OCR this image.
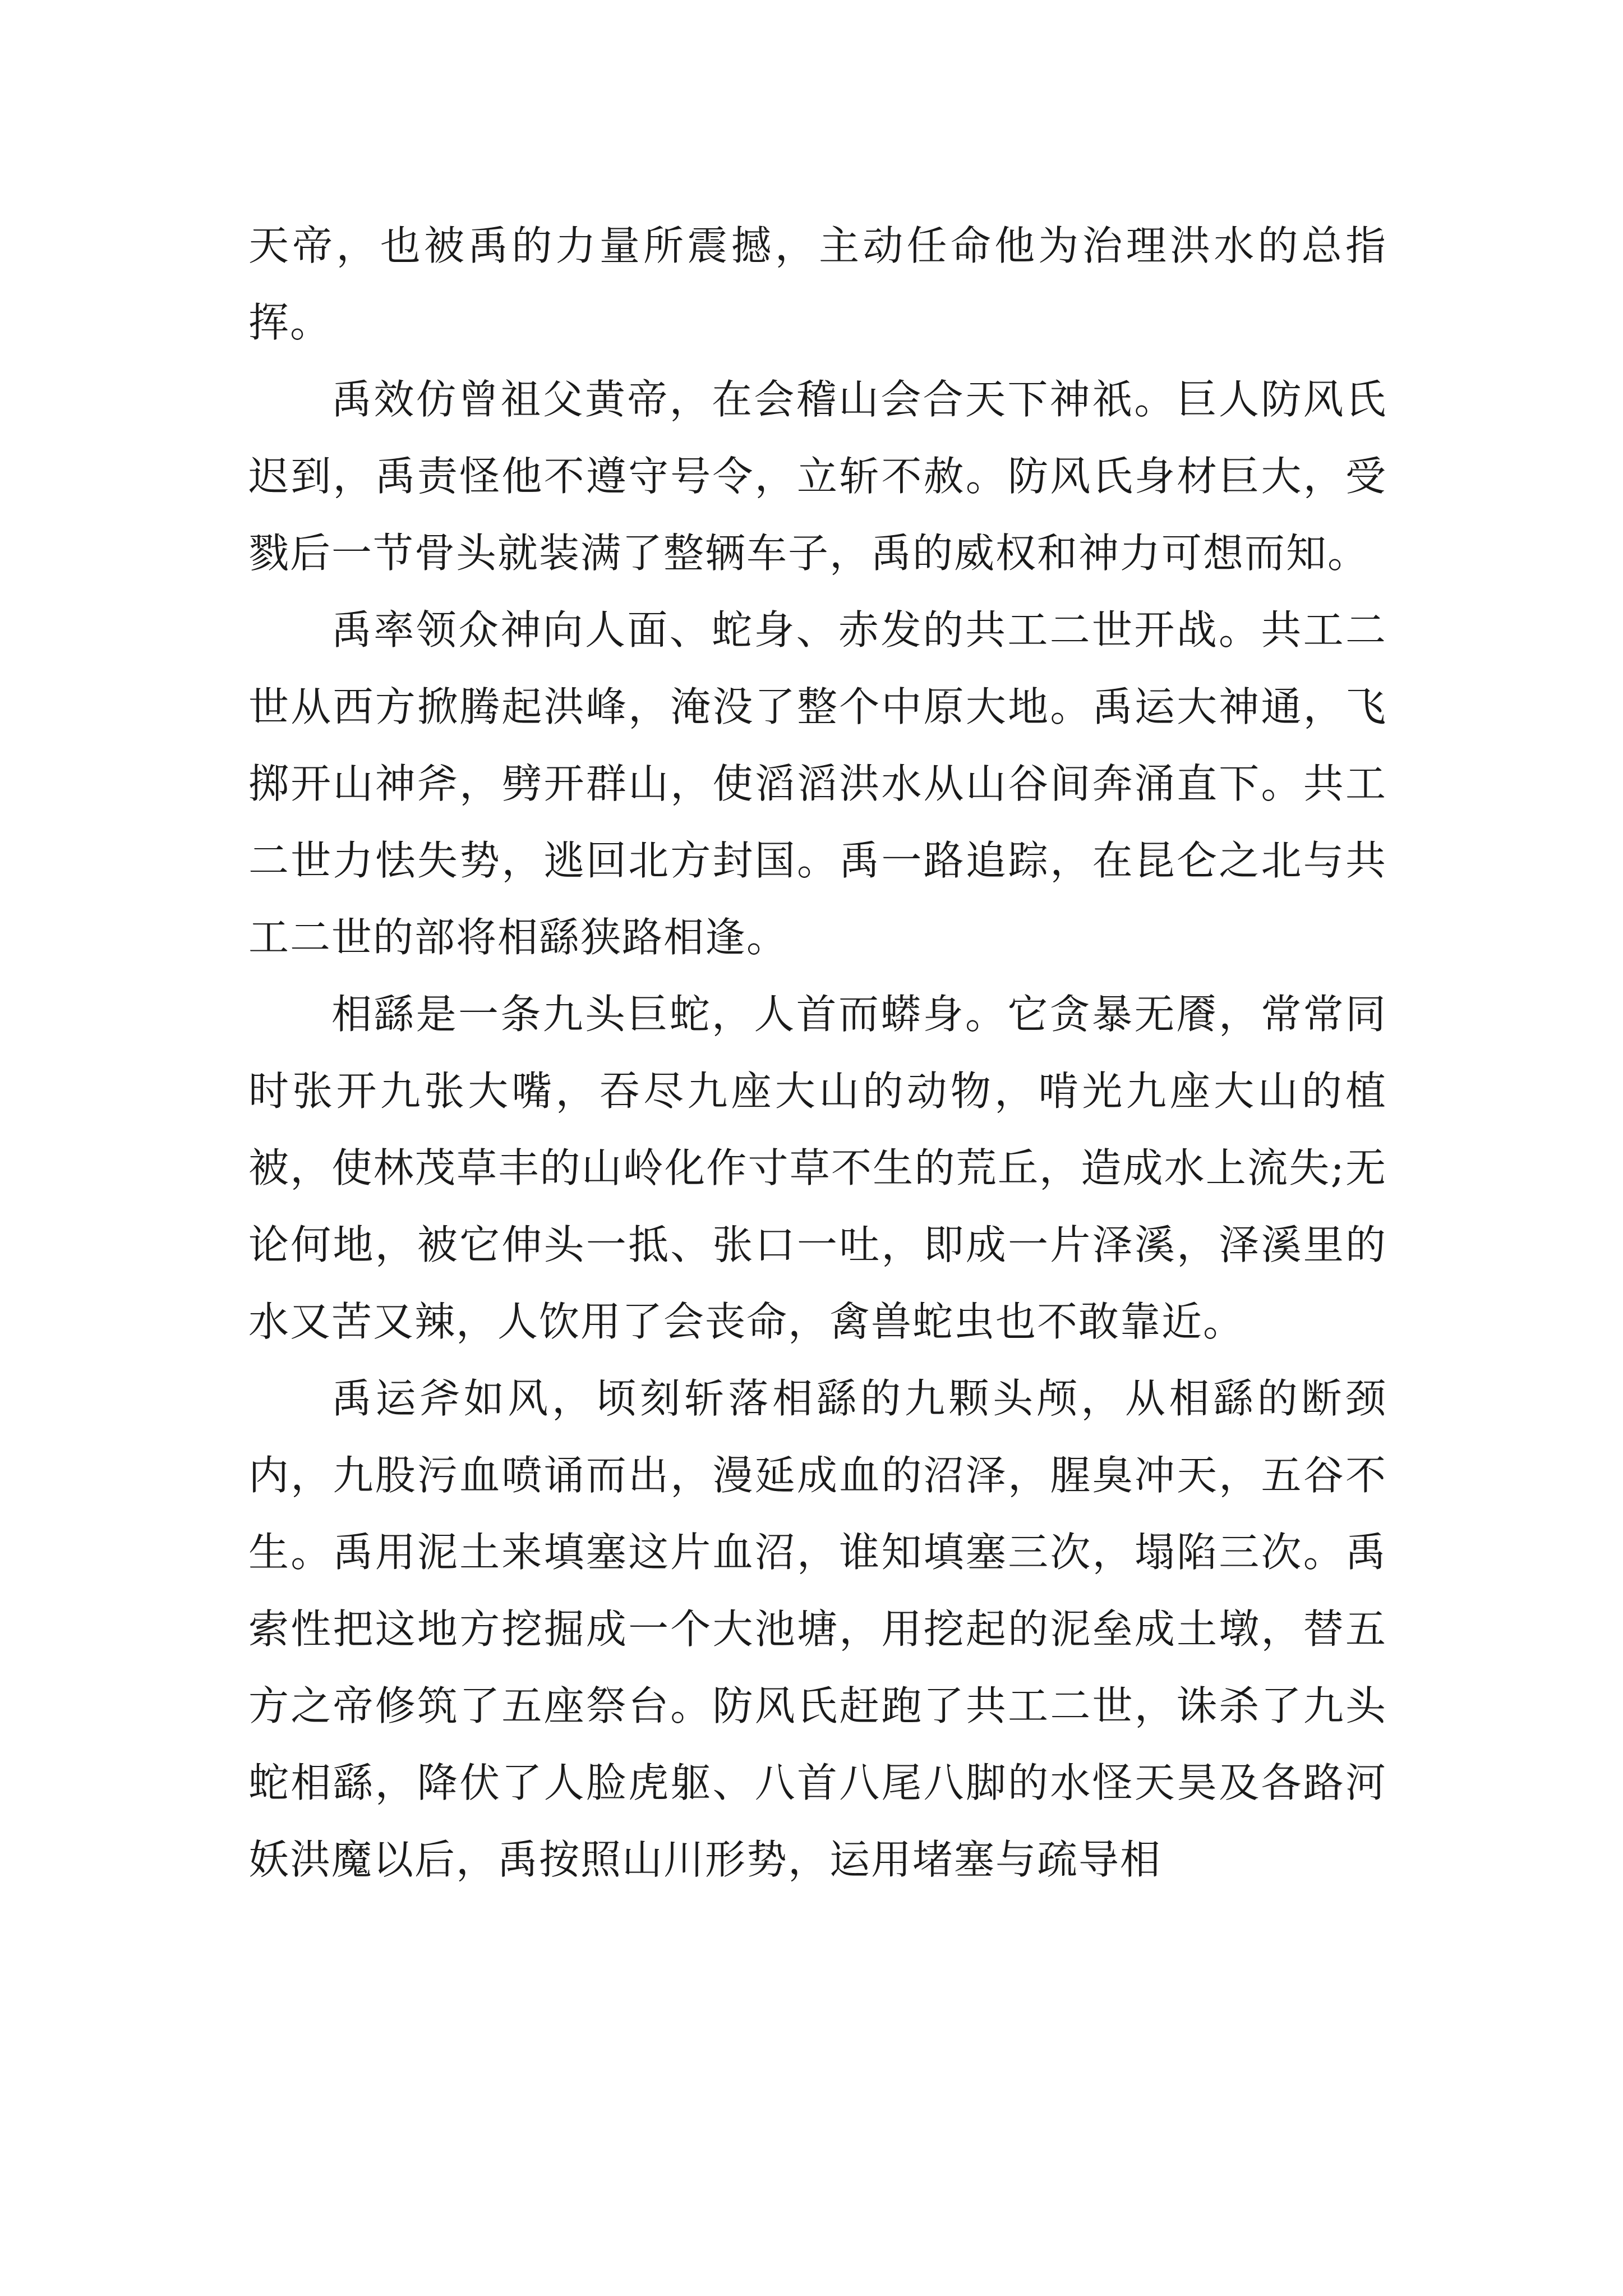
天帝，也被禹的力量所震撼，主动任命他为治理洪水的总指挥。

禹效仿曾祖父黄帝，在会稽山会合天下神祇。巨人防风氏迟到，禹责怪他不遵守号令，立斩不赦。防风氏身材巨大，受戮后一节骨头就装满了整辆车子，禹的威权和神力可想而知。

禹率领众神向人面、蛇身、赤发的共工二世开战。共工二世从西方掀腾起洪峰，淹没了整个中原大地。禹运大神通，飞掷开山神斧，劈开群山，使滔滔洪水从山谷间奔涌直下。共工二世力怯失势，逃回北方封国。禹一路追踪，在昆仑之北与共工二世的部将相繇狭路相逢。

相繇是一条九头巨蛇，人首而蟒身。它贪暴无餍，常常同时张开九张大嘴，吞尽九座大山的动物，啃光九座大山的植被，使林茂草丰的山岭化作寸草不生的荒丘，造成水上流失;无论何地，被它伸头一抵、张口一吐，即成一片泽溪，泽溪里的水又苦又辣，人饮用了会丧命，禽兽蛇虫也不敢靠近。

禹运斧如风，顷刻斩落相繇的九颗头颅，从相繇的断颈内，九股污血喷诵而出，漫延成血的沼泽，腥臭冲天，五谷不生。禹用泥土来填塞这片血沼，谁知填塞三次，塌陷三次。禹索性把这地方挖掘成一个大池塘，用挖起的泥垒成土墩，替五方之帝修筑了五座祭台。防风氏赶跑了共工二世，诛杀了九头蛇相繇，降伏了人脸虎躯、八首八尾八脚的水怪天昊及各路河妖洪魔以后，禹按照山川形势，运用堵塞与疏导相
